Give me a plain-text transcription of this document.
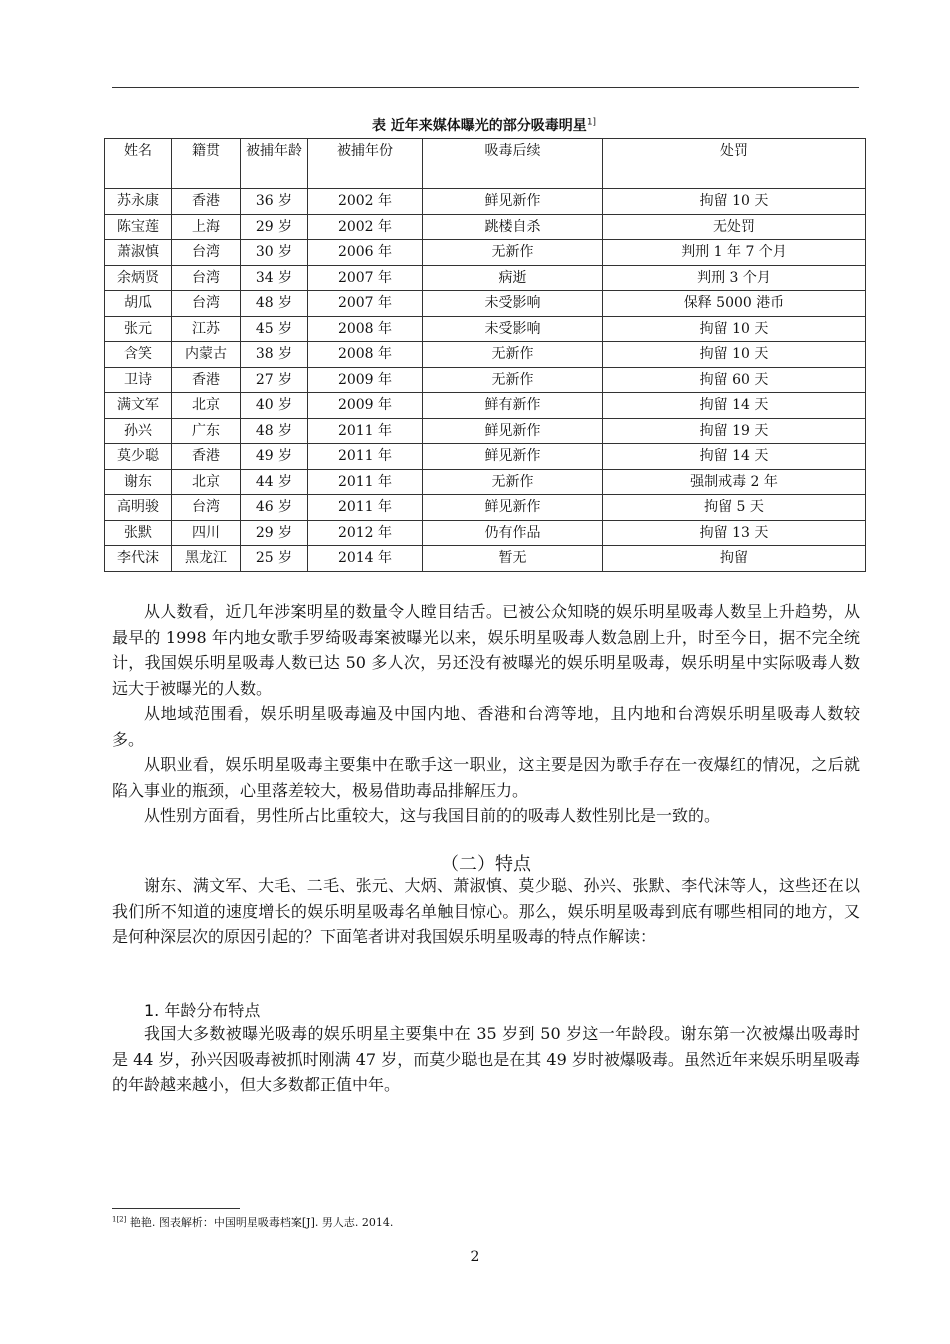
表 近年来媒体曝光的部分吸毒明星$^{1]}$
姓名	籍贯	被捕年龄	被捕年份	吸毒后续	处罚
苏永康	香港	36 岁	2002 年	鲜见新作	拘留 10 天
陈宝莲	上海	29 岁	2002 年	跳楼自杀	无处罚
萧淑慎	台湾	30 岁	2006 年	无新作	判刑 1 年 7 个月
余炳贤	台湾	34 岁	2007 年	病逝	判刑 3 个月
胡瓜	台湾	48 岁	2007 年	未受影响	保释 5000 港币
张元	江苏	45 岁	2008 年	未受影响	拘留 10 天
含笑	内蒙古	38 岁	2008 年	无新作	拘留 10 天
卫诗	香港	27 岁	2009 年	无新作	拘留 60 天
满文军	北京	40 岁	2009 年	鲜有新作	拘留 14 天
孙兴	广东	48 岁	2011 年	鲜见新作	拘留 19 天
莫少聪	香港	49 岁	2011 年	鲜见新作	拘留 14 天
谢东	北京	44 岁	2011 年	无新作	强制戒毒 2 年
高明骏	台湾	46 岁	2011 年	鲜见新作	拘留 5 天
张默	四川	29 岁	2012 年	仍有作品	拘留 13 天
李代沫	黑龙江	25 岁	2014 年	暂无	拘留

从人数看，近几年涉案明星的数量令人瞠目结舌。已被公众知晓的娱乐明星吸毒人数呈上升趋势，从最早的 1998 年内地女歌手罗绮吸毒案被曝光以来，娱乐明星吸毒人数急剧上升，时至今日，据不完全统计，我国娱乐明星吸毒人数已达 50 多人次，另还没有被曝光的娱乐明星吸毒，娱乐明星中实际吸毒人数远大于被曝光的人数。

从地域范围看，娱乐明星吸毒遍及中国内地、香港和台湾等地，且内地和台湾娱乐明星吸毒人数较多。

从职业看，娱乐明星吸毒主要集中在歌手这一职业，这主要是因为歌手存在一夜爆红的情况，之后就陷入事业的瓶颈，心里落差较大，极易借助毒品排解压力。

从性别方面看，男性所占比重较大，这与我国目前的的吸毒人数性别比是一致的。

（二）特点

谢东、满文军、大毛、二毛、张元、大炳、萧淑慎、莫少聪、孙兴、张默、李代沫等人，这些还在以我们所不知道的速度增长的娱乐明星吸毒名单触目惊心。那么，娱乐明星吸毒到底有哪些相同的地方，又是何种深层次的原因引起的？下面笔者讲对我国娱乐明星吸毒的特点作解读：

1. 年龄分布特点

我国大多数被曝光吸毒的娱乐明星主要集中在 35 岁到 50 岁这一年龄段。谢东第一次被爆出吸毒时是 44 岁，孙兴因吸毒被抓时刚满 47 岁，而莫少聪也是在其 49 岁时被爆吸毒。虽然近年来娱乐明星吸毒的年龄越来越小，但大多数都正值中年。

$^{1[2]}$ 艳艳. 图表解析：中国明星吸毒档案[J]. 男人志. 2014.
2
